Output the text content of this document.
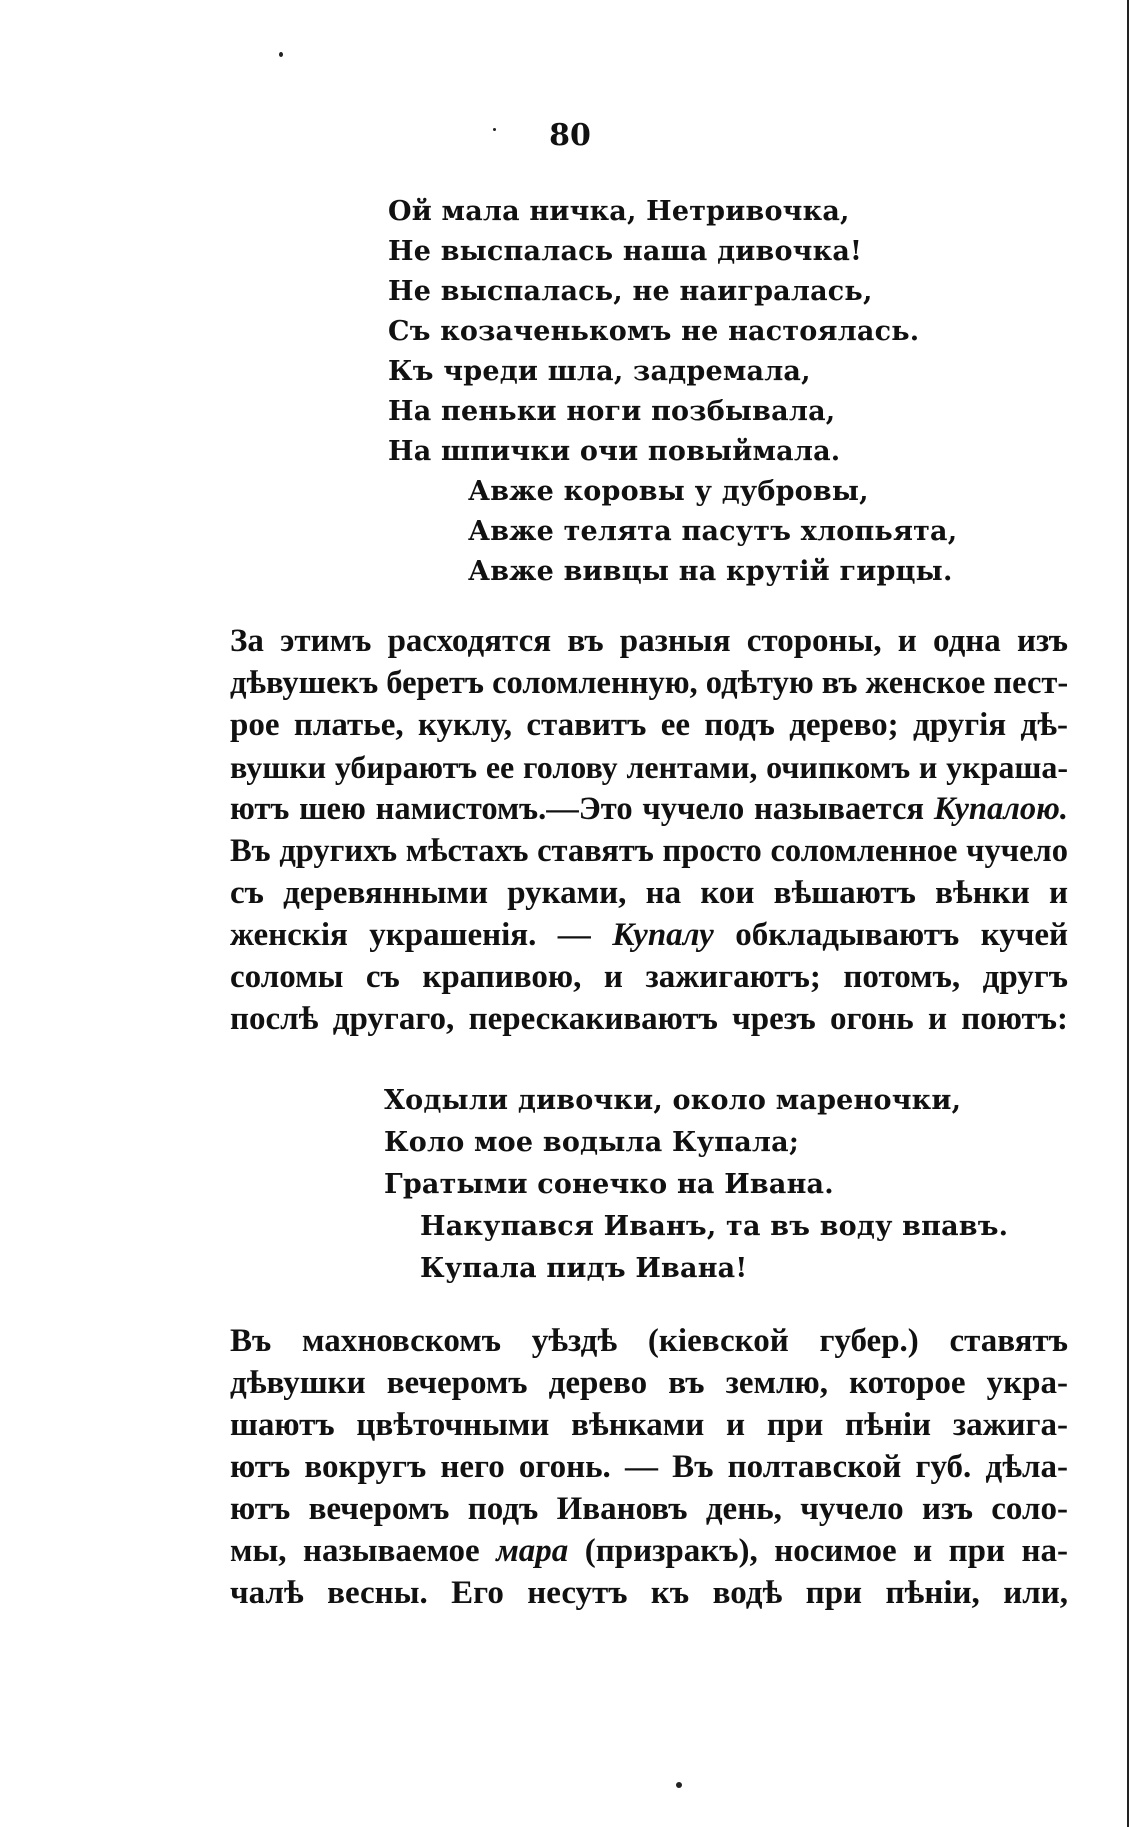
80
Ой мала ничка, Нетривочка,
Не выспалась наша дивочка!
Не выспалась, не наигралась,
Съ козаченькомъ не настоялась.
Къ чреди шла, задремала,
На пеньки ноги позбывала,
На шпички очи повыймала.
Авже коровы у дубровы,
Авже телята пасутъ хлопьята,
Авже вивцы на крутій гирцы.
За этимъ расходятся въ разныя стороны, и одна изъ
дѣвушекъ беретъ соломленную, одѣтую въ женское пест-
рое платье, куклу, ставитъ ее подъ дерево; другія дѣ-
вушки убираютъ ее голову лентами, очипкомъ и украша-
ютъ шею намистомъ.—Это чучело называется Купалою.
Въ другихъ мѣстахъ ставятъ просто соломленное чучело
съ деревянными руками, на кои вѣшаютъ вѣнки и
женскія украшенія. — Купалу обкладываютъ кучей
соломы съ крапивою, и зажигаютъ; потомъ, другъ
послѣ другаго, перескакиваютъ чрезъ огонь и поютъ:
Ходыли дивочки, около мареночки,
Коло мое водыла Купала;
Гратыми сонечко на Ивана.
Накупався Иванъ, та въ воду впавъ.
Купала пидъ Ивана!
Въ махновскомъ уѣздѣ (кіевской губер.) ставятъ
дѣвушки вечеромъ дерево въ землю, которое укра-
шаютъ цвѣточными вѣнками и при пѣніи зажига-
ютъ вокругъ него огонь. — Въ полтавской губ. дѣла-
ютъ вечеромъ подъ Ивановъ день, чучело изъ соло-
мы, называемое мара (призракъ), носимое и при на-
чалѣ весны. Его несутъ къ водѣ при пѣніи, или,
